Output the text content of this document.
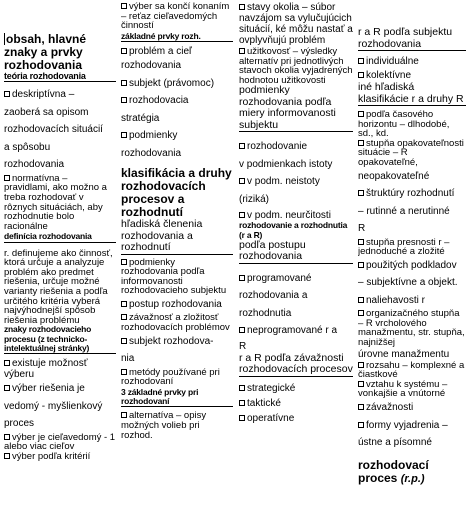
obsah, hlavné
znaky a prvky
rozhodovania
teória rozhodovania
deskriptívna –
zaoberá sa opisom
rozhodovacích situácií
a spôsobu
rozhodovania
normatívna – pravidlami, ako možno a treba rozhodovať v rôznych situáciách, aby rozhodnutie bolo racionálne
definícia rozhodovania
r. definujeme ako činnosť, ktorá určuje a analyzuje problém ako predmet riešenia, určuje možné varianty riešenia a podľa určitého kritéria vyberá najvýhodnejší spôsob riešenia problému
znaky rozhodovacieho procesu (z technicko-intelektuálnej stránky)
existuje možnosť výberu
výber riešenia je
vedomý - myšlienkový
proces
výber je cieľavedomý - 1 alebo viac cieľov
výber podľa kritérií
výber sa končí konaním – reťaz cieľavedomých činností
základné prvky rozh.
problém a cieľ
rozhodovania
subjekt (právomoc)
rozhodovacia
stratégia
podmienky
rozhodovania
klasifikácia a druhy rozhodovacích procesov a rozhodnutí
hľadiská členenia rozhodovania a rozhodnutí
podmienky rozhodovania podľa informovanosti rozhodovacieho subjektu
postup rozhodovania
závažnosť a zložitosť rozhodovacích problémov
subjekt rozhodova-
nia
metódy používané pri rozhodovaní
3 základné prvky pri rozhodovaní
alternatíva – opisy možných volieb pri rozhod.
stavy okolia – súbor navzájom sa vylučujúcich situácií, ké môžu nastať a ovplyvňujú problém
užitkovosť – výsledky alternatív pri jednotlivých stavoch okolia vyjadrených hodnotou užitkovosti
podmienky rozhodovania podľa miery informovanosti subjektu
rozhodovanie
v podmienkach istoty
v podm. neistoty
(riziká)
v podm. neurčitosti
rozhodovanie a rozhodnutia (r a R)
podľa postupu rozhodovania
programované
rozhodovania a
rozhodnutia
neprogramované r a
R
r a R podľa závažnosti rozhodovacích procesov
strategické
taktické
operatívne
r a R podľa subjektu rozhodovania
individuálne
kolektívne
iné hľadiská klasifikácie r a druhy R
podľa časového horizontu – dlhodobé, sd., kd.
stupňa opakovateľnosti situácie – R opakovateľné,
neopakovateľné
štruktúry rozhodnutí
– rutinné a nerutinné
R
stupňa presnosti r – jednoduché a zložité
použitých podkladov
– subjektívne a objekt.
naliehavosti r
organizačného stupňa – R vrcholového manažmentu, str. stupňa, najnižšej
úrovne manažmentu
rozsahu – komplexné a čiastkové
vztahu k systému – vonkajšie a vnútorné
závažnosti
formy vyjadrenia –
ústne a písomné
rozhodovací
proces (r.p.)
